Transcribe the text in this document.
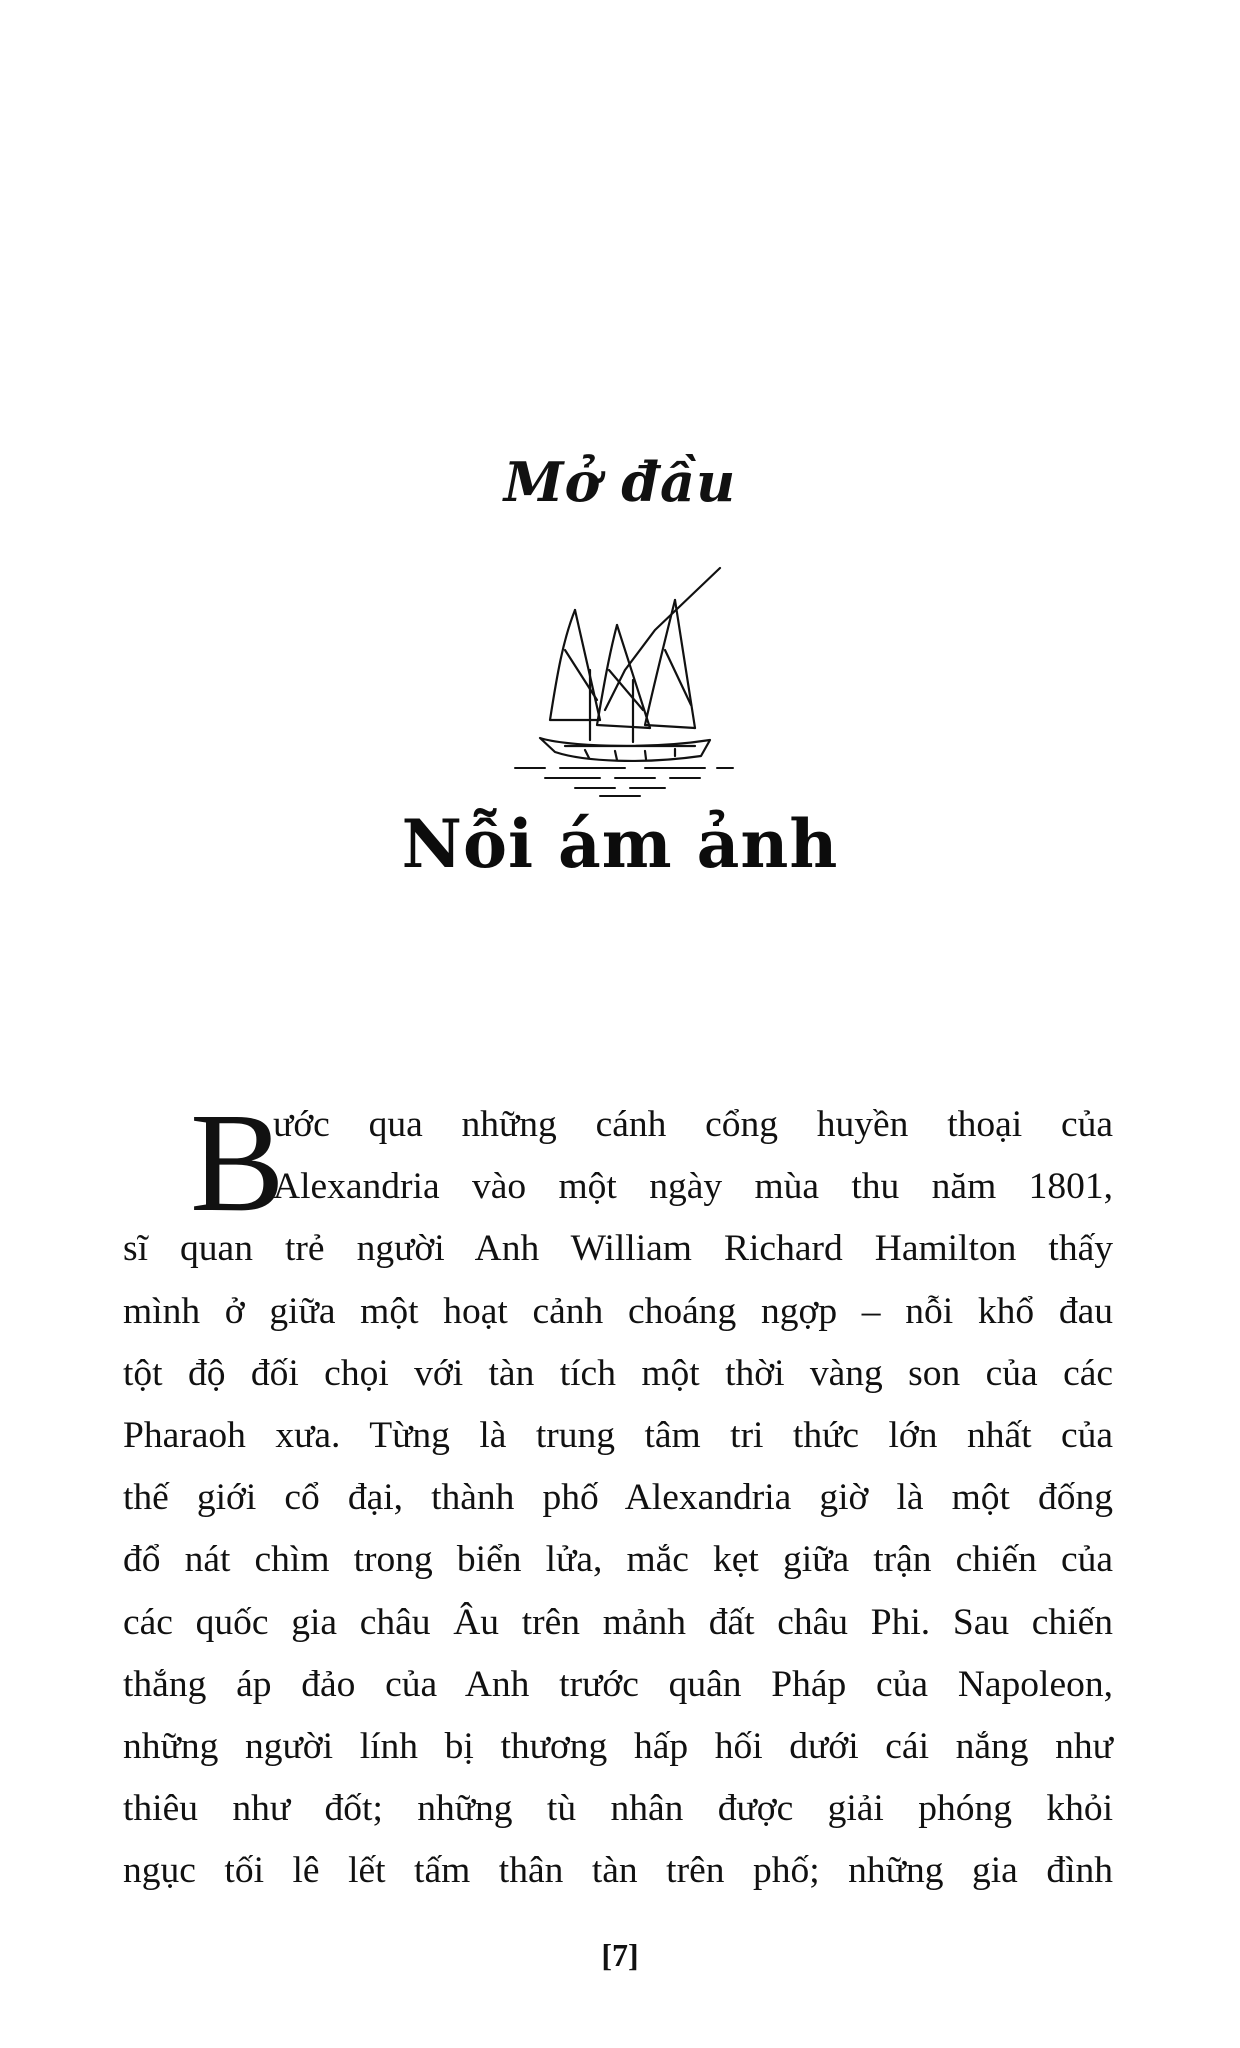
Mở đầu
Nỗi ám ảnh
B
ước qua những cánh cổng huyền thoại của
Alexandria vào một ngày mùa thu năm 1801,
sĩ quan trẻ người Anh William Richard Hamilton thấy
mình ở giữa một hoạt cảnh choáng ngợp – nỗi khổ đau
tột độ đối chọi với tàn tích một thời vàng son của các
Pharaoh xưa. Từng là trung tâm tri thức lớn nhất của
thế giới cổ đại, thành phố Alexandria giờ là một đống
đổ nát chìm trong biển lửa, mắc kẹt giữa trận chiến của
các quốc gia châu Âu trên mảnh đất châu Phi. Sau chiến
thắng áp đảo của Anh trước quân Pháp của Napoleon,
những người lính bị thương hấp hối dưới cái nắng như
thiêu như đốt; những tù nhân được giải phóng khỏi
ngục tối lê lết tấm thân tàn trên phố; những gia đình
[7]
